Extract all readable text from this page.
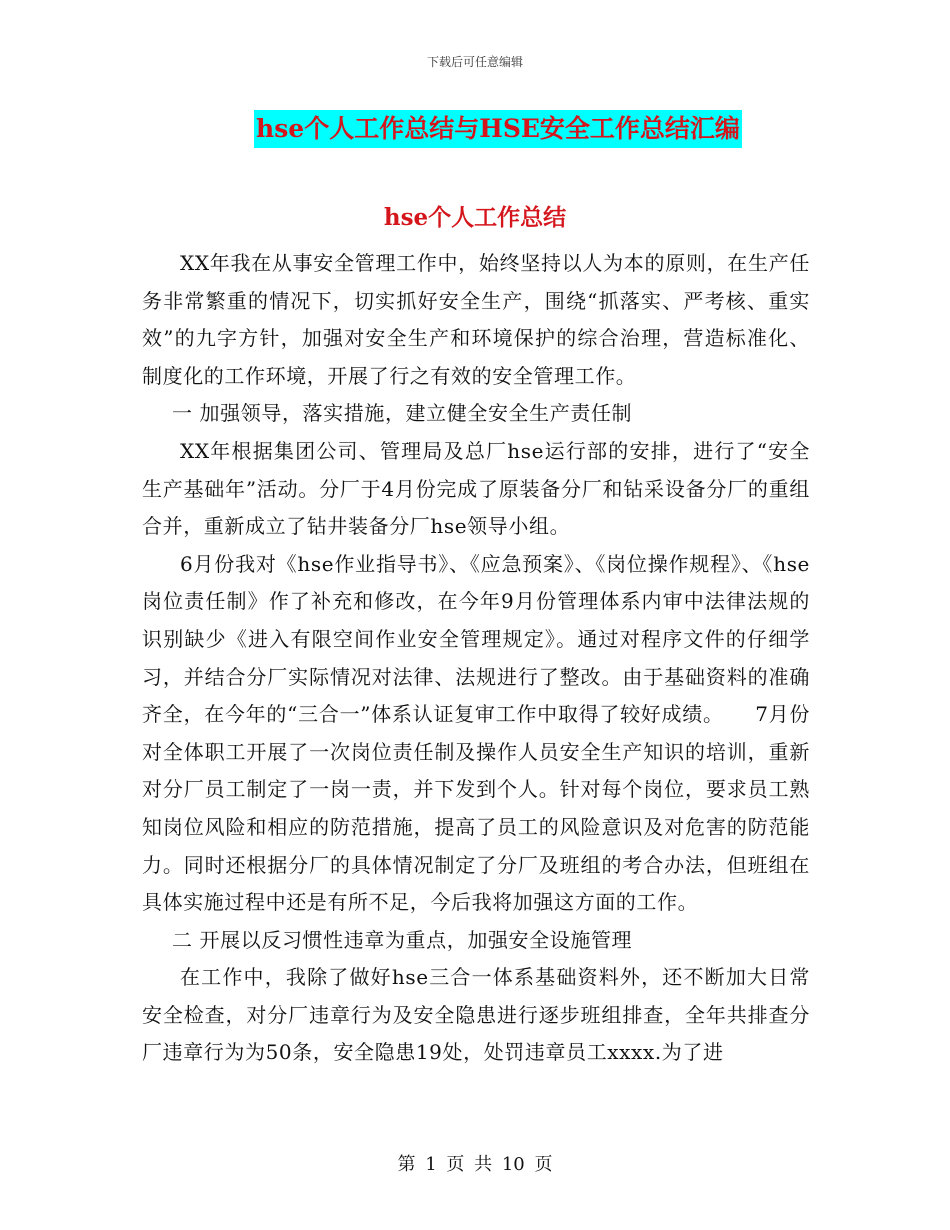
下载后可任意编辑
hse个人工作总结与HSE安全工作总结汇编
hse个人工作总结

XX年我在从事安全管理工作中，始终坚持以人为本的原则，在生产任务非常繁重的情况下，切实抓好安全生产，围绕“抓落实、严考核、重实效”的九字方针，加强对安全生产和环境保护的综合治理，营造标准化、制度化的工作环境，开展了行之有效的安全管理工作。

一 加强领导，落实措施，建立健全安全生产责任制

XX年根据集团公司、管理局及总厂hse运行部的安排，进行了“安全生产基础年”活动。分厂于4月份完成了原装备分厂和钻采设备分厂的重组合并，重新成立了钻井装备分厂hse领导小组。

6月份我对《hse作业指导书》、《应急预案》、《岗位操作规程》、《hse岗位责任制》作了补充和修改，在今年9月份管理体系内审中法律法规的识别缺少《进入有限空间作业安全管理规定》。通过对程序文件的仔细学习，并结合分厂实际情况对法律、法规进行了整改。由于基础资料的准确齐全，在今年的“三合一”体系认证复审工作中取得了较好成绩。　　7月份对全体职工开展了一次岗位责任制及操作人员安全生产知识的培训，重新对分厂员工制定了一岗一责，并下发到个人。针对每个岗位，要求员工熟知岗位风险和相应的防范措施，提高了员工的风险意识及对危害的防范能力。同时还根据分厂的具体情况制定了分厂及班组的考合办法，但班组在具体实施过程中还是有所不足，今后我将加强这方面的工作。

二 开展以反习惯性违章为重点，加强安全设施管理

在工作中，我除了做好hse三合一体系基础资料外，还不断加大日常安全检查，对分厂违章行为及安全隐患进行逐步班组排查，全年共排查分厂违章行为为50条，安全隐患19处，处罚违章员工xxxx.为了进

第 1 页 共 10 页
